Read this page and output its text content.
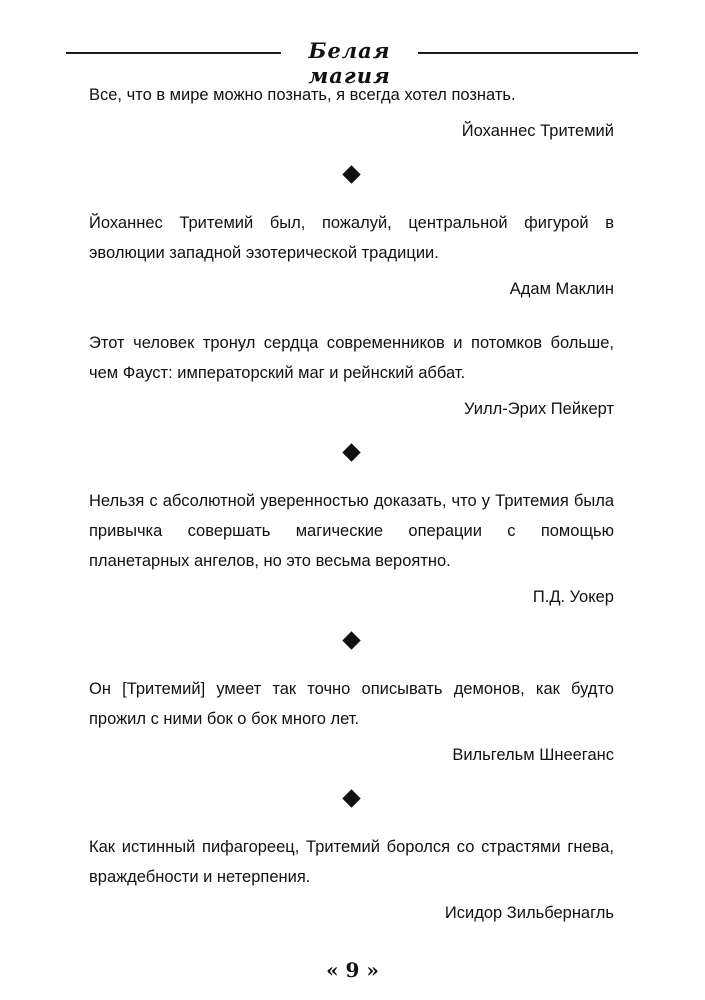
Белая магия

Все, что в мире можно познать, я всегда хотел познать.

Йоханнес Тритемий

Йоханнес Тритемий был, пожалуй, центральной фигурой в эволюции западной эзотерической традиции.

Адам Маклин

Этот человек тронул сердца современников и потомков больше, чем Фауст: императорский маг и рейнский аббат.

Уилл-Эрих Пейкерт

Нельзя с абсолютной уверенностью доказать, что у Тритемия была привычка совершать магические операции с помощью планетарных ангелов, но это весьма вероятно.

П.Д. Уокер

Он [Тритемий] умеет так точно описывать демонов, как будто прожил с ними бок о бок много лет.

Вильгельм Шнееганс

Как истинный пифагореец, Тритемий боролся со страстями гнева, враждебности и нетерпения.

Исидор Зильбернагль

« 9 »
